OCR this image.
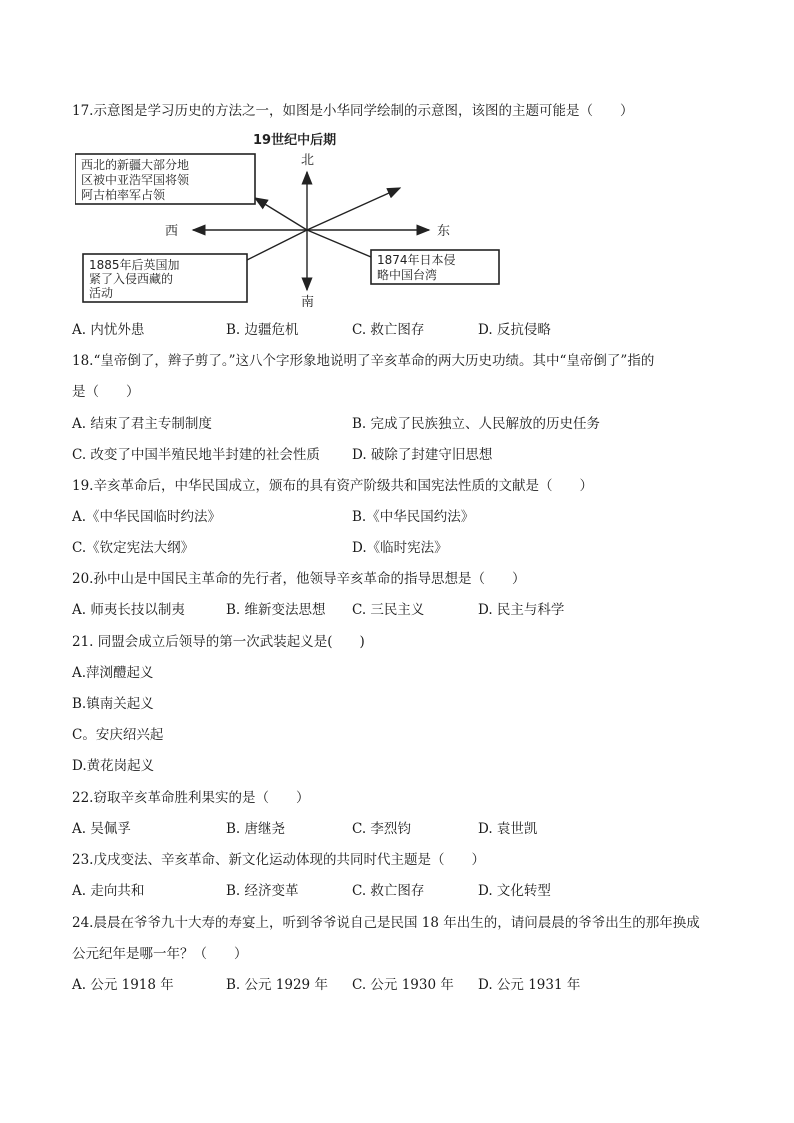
17.示意图是学习历史的方法之一，如图是小华同学绘制的示意图，该图的主题可能是（　　）
19世纪中后期
北
南
西	东
西北的新疆大部分地
区被中亚浩罕国将领
阿古柏率军占领
1885年后英国加
紧了入侵西藏的
活动
1874年日本侵
略中国台湾
A. 内忧外患	B. 边疆危机	C. 救亡图存	D. 反抗侵略
18.“皇帝倒了，辫子剪了。”这八个字形象地说明了辛亥革命的两大历史功绩。其中“皇帝倒了”指的
是（　　）
A. 结束了君主专制制度	B. 完成了民族独立、人民解放的历史任务
C. 改变了中国半殖民地半封建的社会性质 D. 破除了封建守旧思想
19.辛亥革命后，中华民国成立，颁布的具有资产阶级共和国宪法性质的文献是（　　）
A.《中华民国临时约法》	B.《中华民国约法》
C.《钦定宪法大纲》	D.《临时宪法》
20.孙中山是中国民主革命的先行者，他领导辛亥革命的指导思想是（　　）
A. 师夷长技以制夷	B. 维新变法思想 C. 三民主义	D. 民主与科学
21. 同盟会成立后领导的第一次武装起义是(　　)
A.萍浏醴起义
B.镇南关起义
C。安庆绍兴起
D.黄花岗起义
22.窃取辛亥革命胜利果实的是（　　）
A. 吴佩孚	B. 唐继尧	C. 李烈钧	D. 袁世凯
23.戊戌变法、辛亥革命、新文化运动体现的共同时代主题是（　　）
A. 走向共和	B. 经济变革	C. 救亡图存	D. 文化转型
24.晨晨在爷爷九十大寿的寿宴上，听到爷爷说自己是民国 18 年出生的，请问晨晨的爷爷出生的那年换成
公元纪年是哪一年？（　　）
A. 公元 1918 年	B. 公元 1929 年 C. 公元 1930 年 D. 公元 1931 年
